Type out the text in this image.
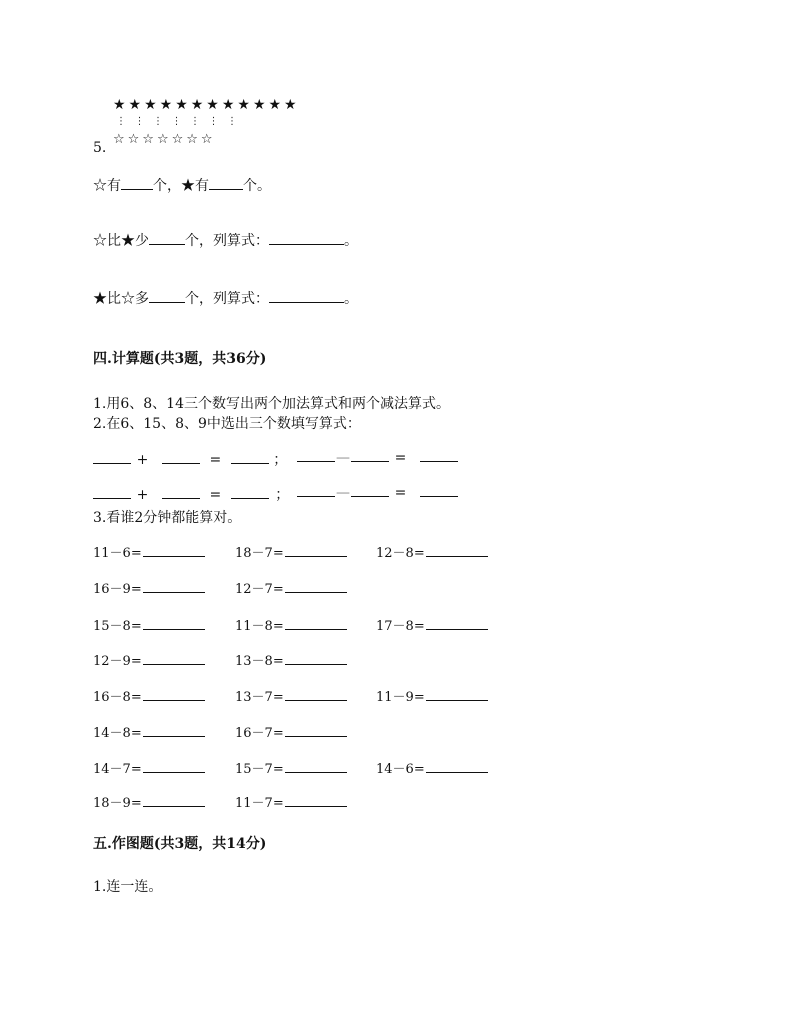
★★★★★★★★★★★★
⋮⋮⋮⋮⋮⋮⋮
5.
☆☆☆☆☆☆☆
☆有 个，★有 个。
☆比★少	个，列算式：	。
★比☆多	个，列算式：	。
四.计算题(共3题，共36分)
1.用6、8、14三个数写出两个加法算式和两个减法算式。
2.在6、15、8、9中选出三个数填写算式：
+	=	；	—	=
+	=	；	—	=
3.看谁2分钟都能算对。
11－6=	18－7=	12－8=
16－9=	12－7=
15－8=	11－8=	17－8=
12－9=	13－8=
16－8=	13－7=	11－9=
14－8=	16－7=
14－7=	15－7=	14－6=
18－9=	11－7=
五.作图题(共3题，共14分)
1.连一连。
